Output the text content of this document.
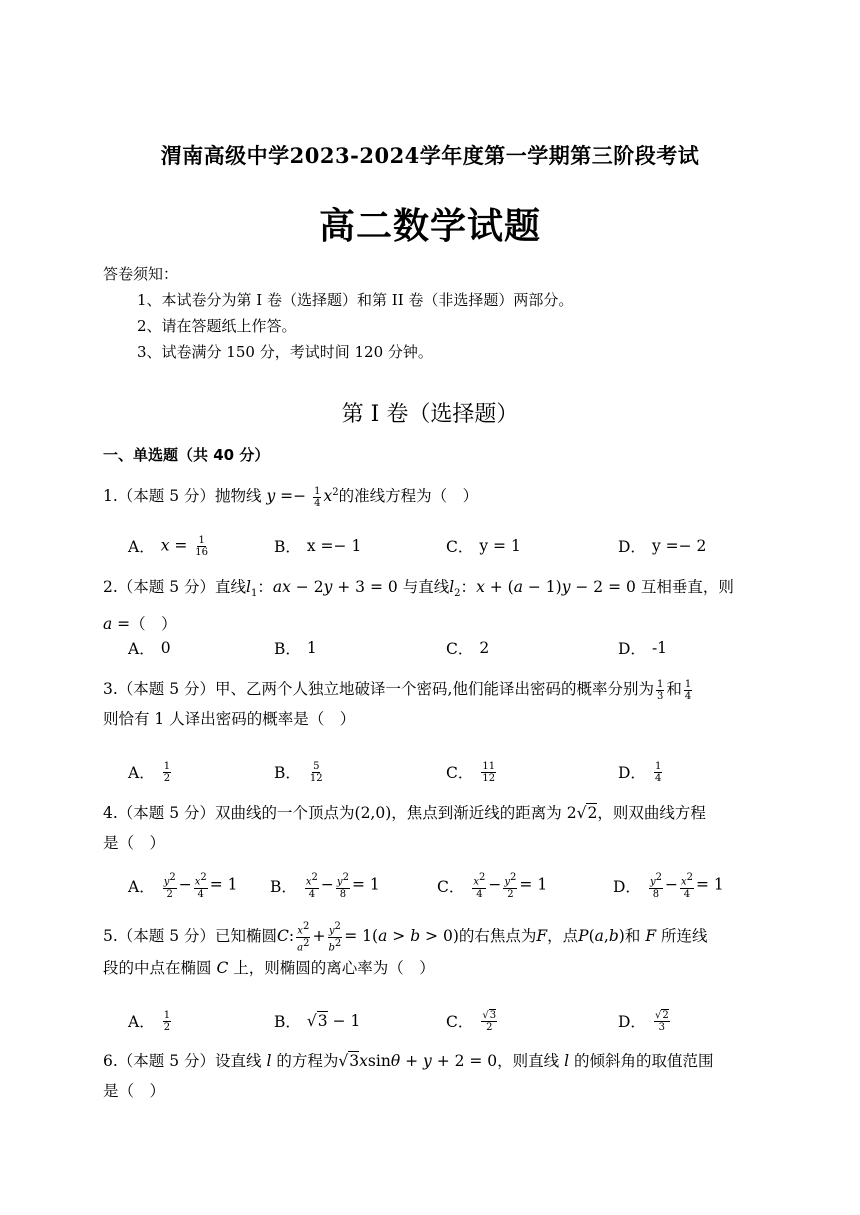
渭南高级中学2023-2024学年度第一学期第三阶段考试
高二数学试题
答卷须知：
1、本试卷分为第 I 卷（选择题）和第 II 卷（非选择题）两部分。
2、请在答题纸上作答。
3、试卷满分 150 分，考试时间 120 分钟。
第 I 卷（选择题）
一、单选题（共 40 分）
1.（本题 5 分）抛物线 $y =- \frac{1}{4} x^2$的准线方程为（　）
A． $x = \frac{1}{16}$	B． x =− 1	C． y = 1	D． y =− 2
2.（本题 5 分）直线$l_1$：ax − 2y + 3 = 0 与直线$l_2$：x + (a − 1)y − 2 = 0 互相垂直，则
a =（　）
A． 0	B． 1	C． 2	D． -1
3.（本题 5 分）甲、乙两个人独立地破译一个密码,他们能译出密码的概率分别为 $\frac{1}{3}$ 和 $\frac{1}{4}$

则恰有 1 人译出密码的概率是（　）
A． $\frac{1}{2}$	B． $\frac{5}{12}$	C． $\frac{11}{12}$	D． $\frac{1}{4}$
4.（本题 5 分）双曲线的一个顶点为(2,0)，焦点到渐近线的距离为 2√2，则双曲线方程
是（　）
A． $\frac{y^2}{2} - \frac{x^2}{4} = 1$ B． $\frac{x^2}{4} - \frac{y^2}{8} = 1$	C． $\frac{x^2}{4} - \frac{y^2}{2} = 1$	D． $\frac{y^2}{8} - \frac{x^2}{4} = 1$
5.（本题 5 分）已知椭圆C: $\frac{x^2}{a^2} + \frac{y^2}{b^2} = 1(a > b > 0)$的右焦点为F，点P(a,b)和 F 所连线
段的中点在椭圆 C 上，则椭圆的离心率为（　）
A． $\frac{1}{2}$	B． √3 − 1	C． $\frac{√3}{2}$	D． $\frac{√2}{3}$
6.（本题 5 分）设直线 l 的方程为√3xsinθ + y + 2 = 0，则直线 l 的倾斜角的取值范围
是（　）
